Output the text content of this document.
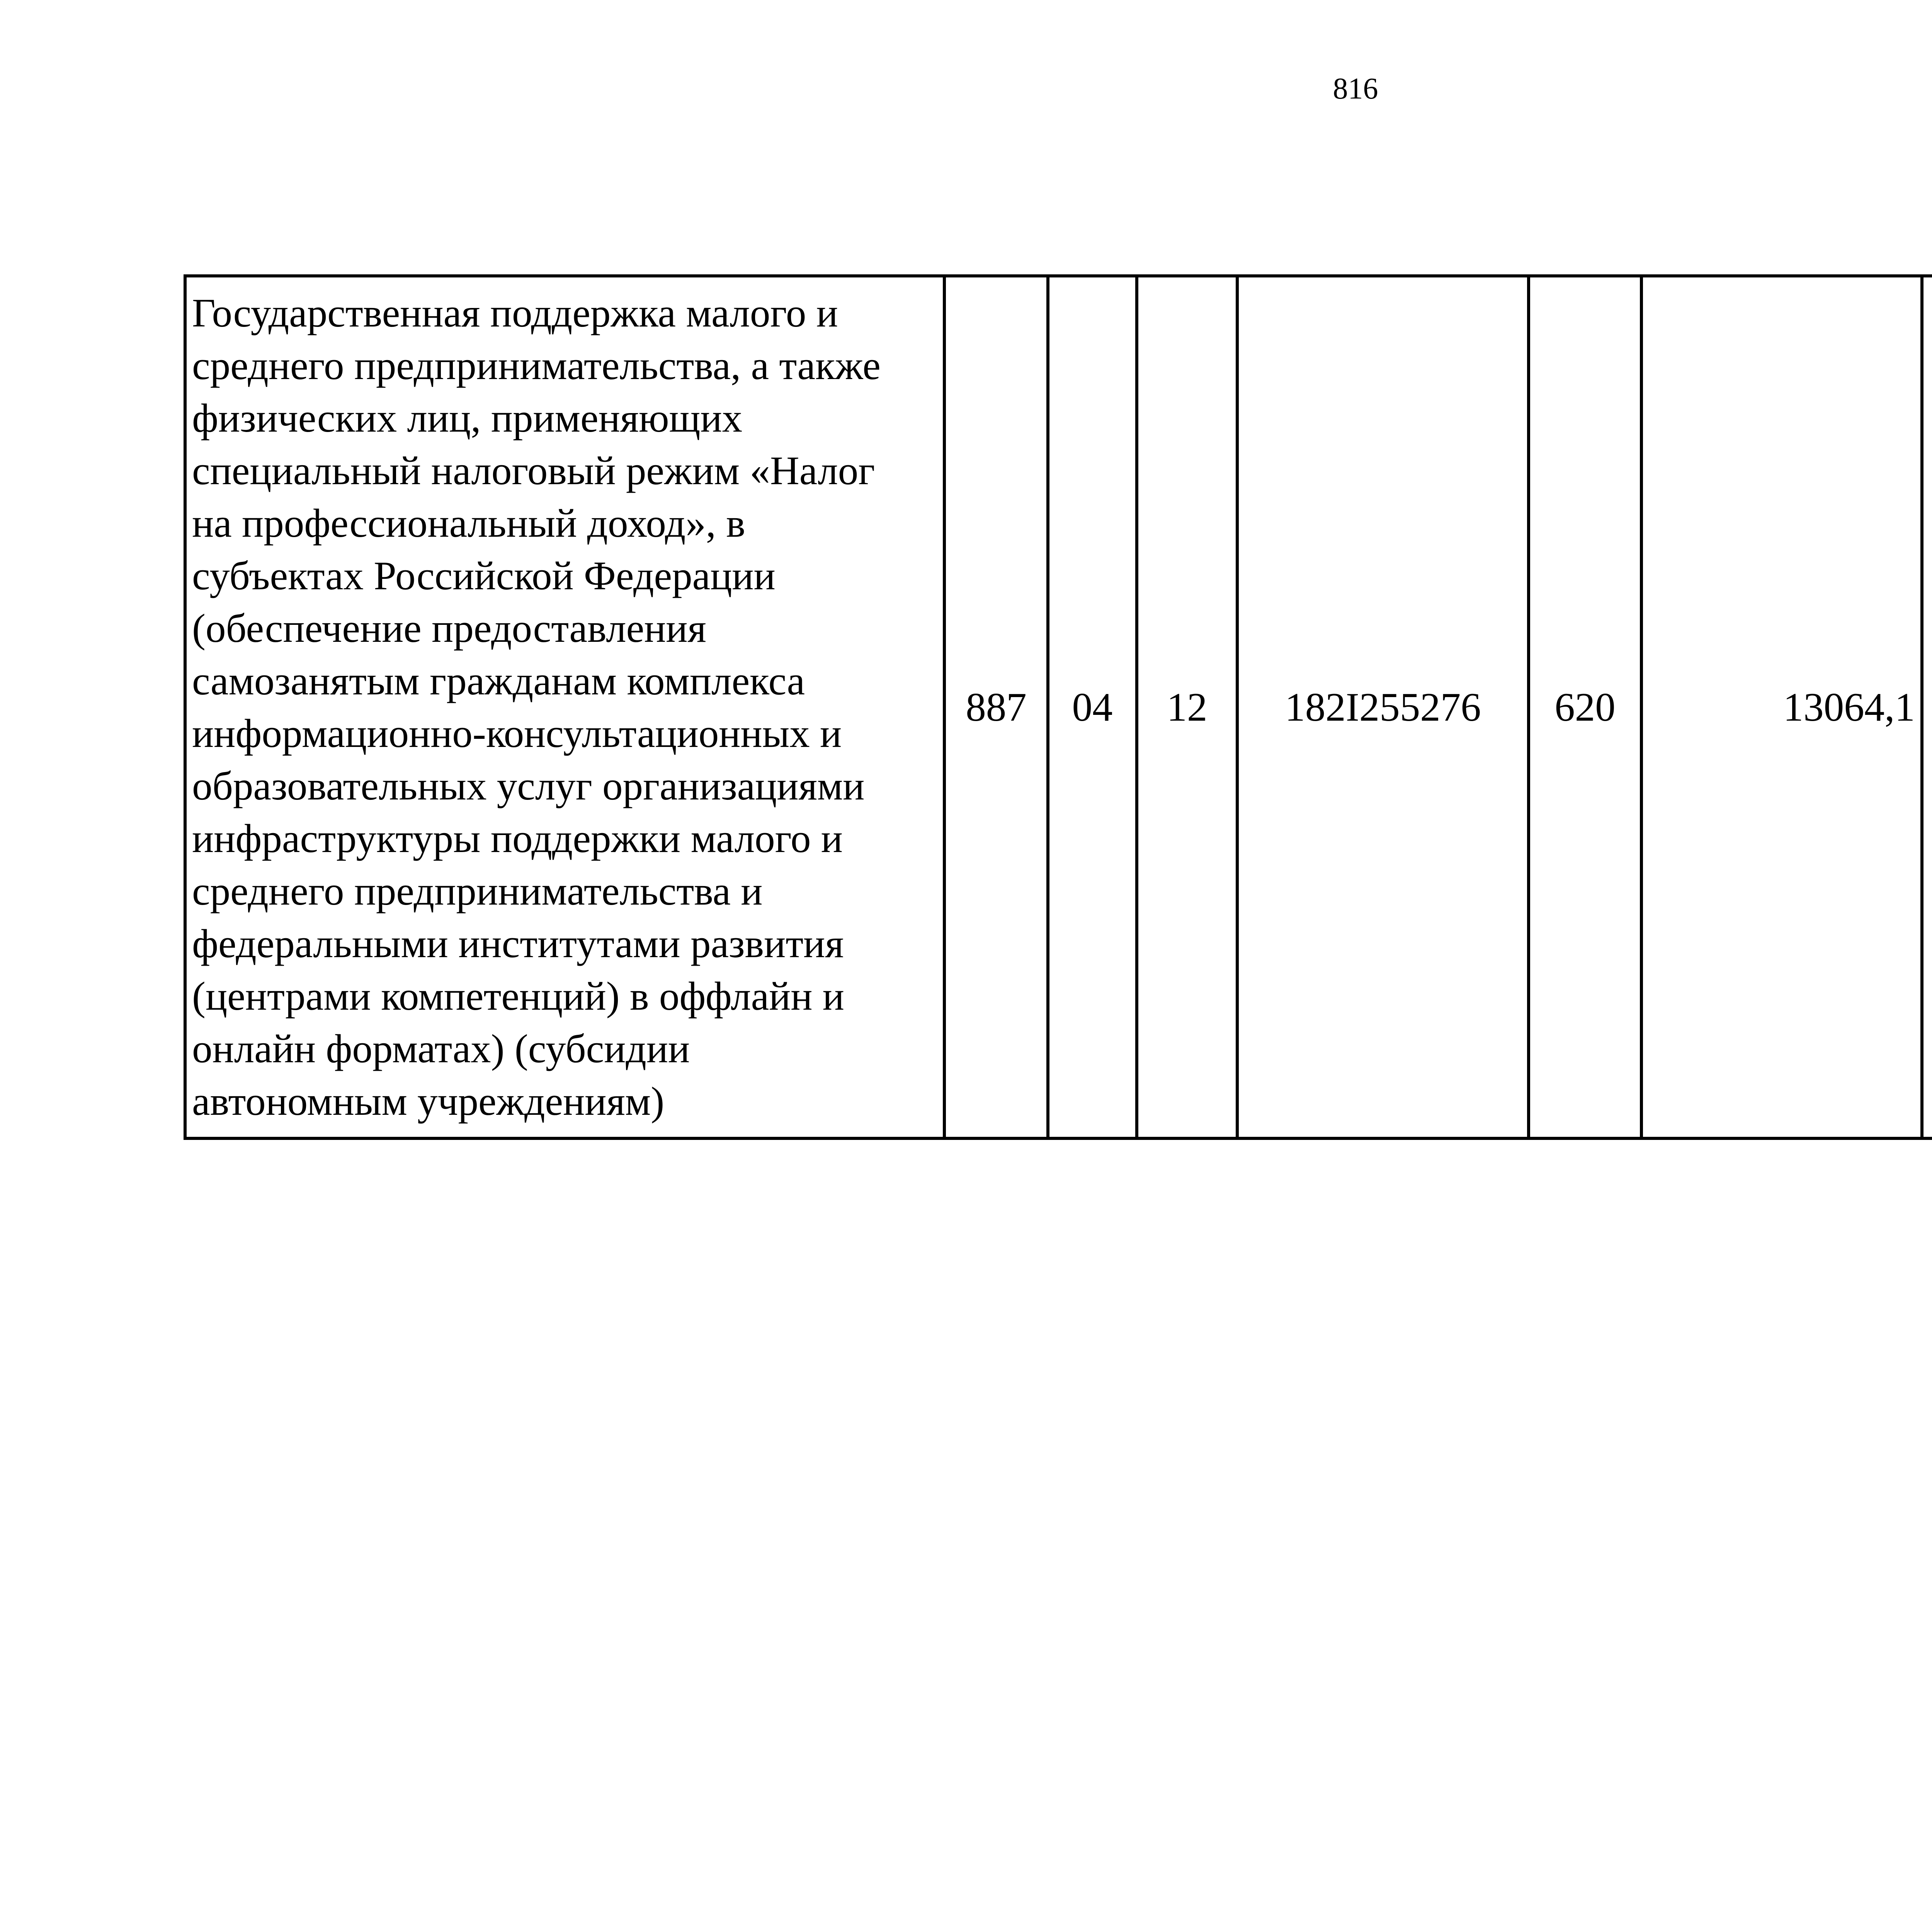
816
Государственная поддержка малого и
среднего предпринимательства, а также
физических лиц, применяющих
специальный налоговый режим «Налог
на профессиональный доход», в
субъектах Российской Федерации
(обеспечение предоставления
самозанятым гражданам комплекса
информационно-консультационных и
образовательных услуг организациями
инфраструктуры поддержки малого и
среднего предпринимательства и
федеральными институтами развития
(центрами компетенций) в оффлайн и
онлайн форматах) (субсидии
автономным учреждениям)
	887	04	12	182I255276	620	13064,1		
